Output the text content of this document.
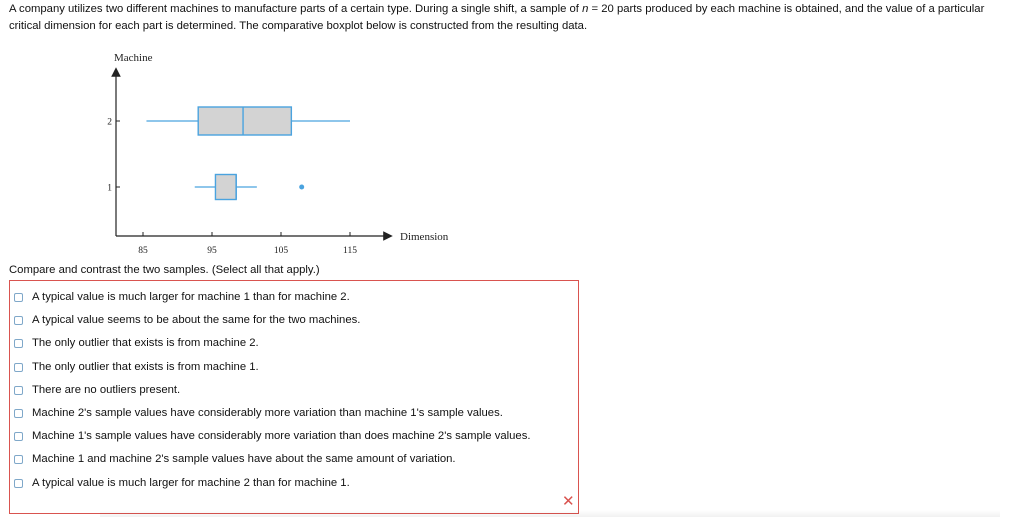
A company utilizes two different machines to manufacture parts of a certain type. During a single shift, a sample of n = 20 parts produced by each machine is obtained, and the value of a particular critical dimension for each part is determined. The comparative boxplot below is constructed from the resulting data.
Machine
Dimension
85	95	105	115
1
2
Compare and contrast the two samples. (Select all that apply.)
A typical value is much larger for machine 1 than for machine 2.
A typical value seems to be about the same for the two machines.
The only outlier that exists is from machine 2.
The only outlier that exists is from machine 1.
There are no outliers present.
Machine 2's sample values have considerably more variation than machine 1's sample values.
Machine 1's sample values have considerably more variation than does machine 2's sample values.
Machine 1 and machine 2's sample values have about the same amount of variation.
A typical value is much larger for machine 2 than for machine 1.
✕
